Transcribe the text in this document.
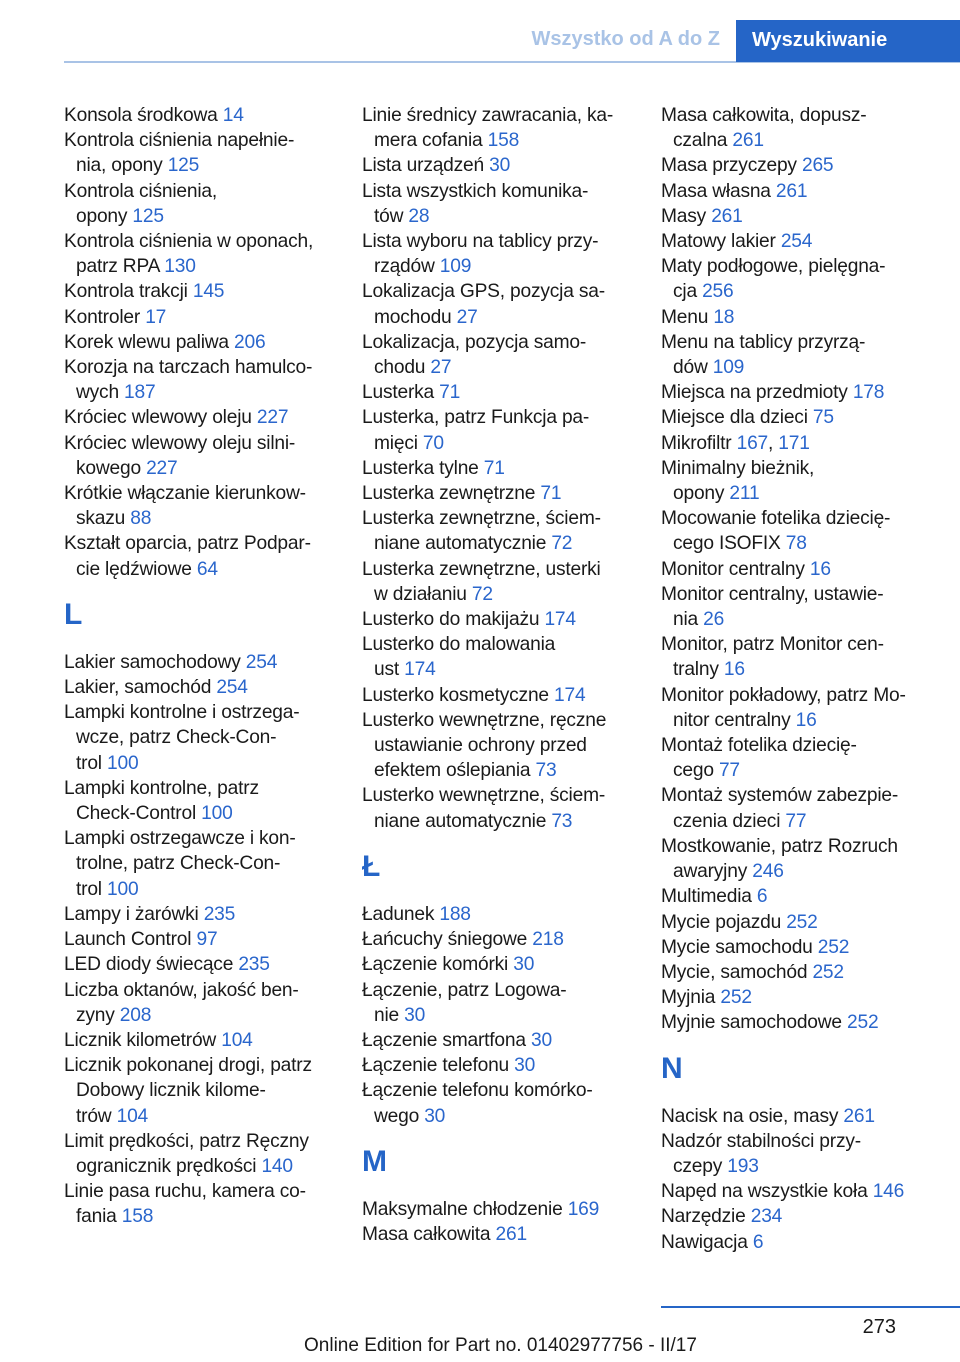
Wszystko od A do Z	Wyszukiwanie
Konsola środkowa 14
Kontrola ciśnienia napełnie-
nia, opony 125
Kontrola ciśnienia,
opony 125
Kontrola ciśnienia w oponach,
patrz RPA 130
Kontrola trakcji 145
Kontroler 17
Korek wlewu paliwa 206
Korozja na tarczach hamulco-
wych 187
Króciec wlewowy oleju 227
Króciec wlewowy oleju silni-
kowego 227
Krótkie włączanie kierunkow-
skazu 88
Kształt oparcia, patrz Podpar-
cie lędźwiowe 64
L
Lakier samochodowy 254
Lakier, samochód 254
Lampki kontrolne i ostrzega-
wcze, patrz Check-Con-
trol 100
Lampki kontrolne, patrz
Check-Control 100
Lampki ostrzegawcze i kon-
trolne, patrz Check-Con-
trol 100
Lampy i żarówki 235
Launch Control 97
LED diody świecące 235
Liczba oktanów, jakość ben-
zyny 208
Licznik kilometrów 104
Licznik pokonanej drogi, patrz
Dobowy licznik kilome-
trów 104
Limit prędkości, patrz Ręczny
ogranicznik prędkości 140
Linie pasa ruchu, kamera co-
fania 158
Linie średnicy zawracania, ka-
mera cofania 158
Lista urządzeń 30
Lista wszystkich komunika-
tów 28
Lista wyboru na tablicy przy-
rządów 109
Lokalizacja GPS, pozycja sa-
mochodu 27
Lokalizacja, pozycja samo-
chodu 27
Lusterka 71
Lusterka, patrz Funkcja pa-
mięci 70
Lusterka tylne 71
Lusterka zewnętrzne 71
Lusterka zewnętrzne, ściem-
niane automatycznie 72
Lusterka zewnętrzne, usterki
w działaniu 72
Lusterko do makijażu 174
Lusterko do malowania
ust 174
Lusterko kosmetyczne 174
Lusterko wewnętrzne, ręczne
ustawianie ochrony przed
efektem oślepiania 73
Lusterko wewnętrzne, ściem-
niane automatycznie 73
Ł
Ładunek 188
Łańcuchy śniegowe 218
Łączenie komórki 30
Łączenie, patrz Logowa-
nie 30
Łączenie smartfona 30
Łączenie telefonu 30
Łączenie telefonu komórko-
wego 30
M
Maksymalne chłodzenie 169
Masa całkowita 261
Masa całkowita, dopusz-
czalna 261
Masa przyczepy 265
Masa własna 261
Masy 261
Matowy lakier 254
Maty podłogowe, pielęgna-
cja 256
Menu 18
Menu na tablicy przyrzą-
dów 109
Miejsca na przedmioty 178
Miejsce dla dzieci 75
Mikrofiltr 167, 171
Minimalny bieżnik,
opony 211
Mocowanie fotelika dziecię-
cego ISOFIX 78
Monitor centralny 16
Monitor centralny, ustawie-
nia 26
Monitor, patrz Monitor cen-
tralny 16
Monitor pokładowy, patrz Mo-
nitor centralny 16
Montaż fotelika dziecię-
cego 77
Montaż systemów zabezpie-
czenia dzieci 77
Mostkowanie, patrz Rozruch
awaryjny 246
Multimedia 6
Mycie pojazdu 252
Mycie samochodu 252
Mycie, samochód 252
Myjnia 252
Myjnie samochodowe 252
N
Nacisk na osie, masy 261
Nadzór stabilności przy-
czepy 193
Napęd na wszystkie koła 146
Narzędzie 234
Nawigacja 6
273
Online Edition for Part no. 01402977756 - II/17
